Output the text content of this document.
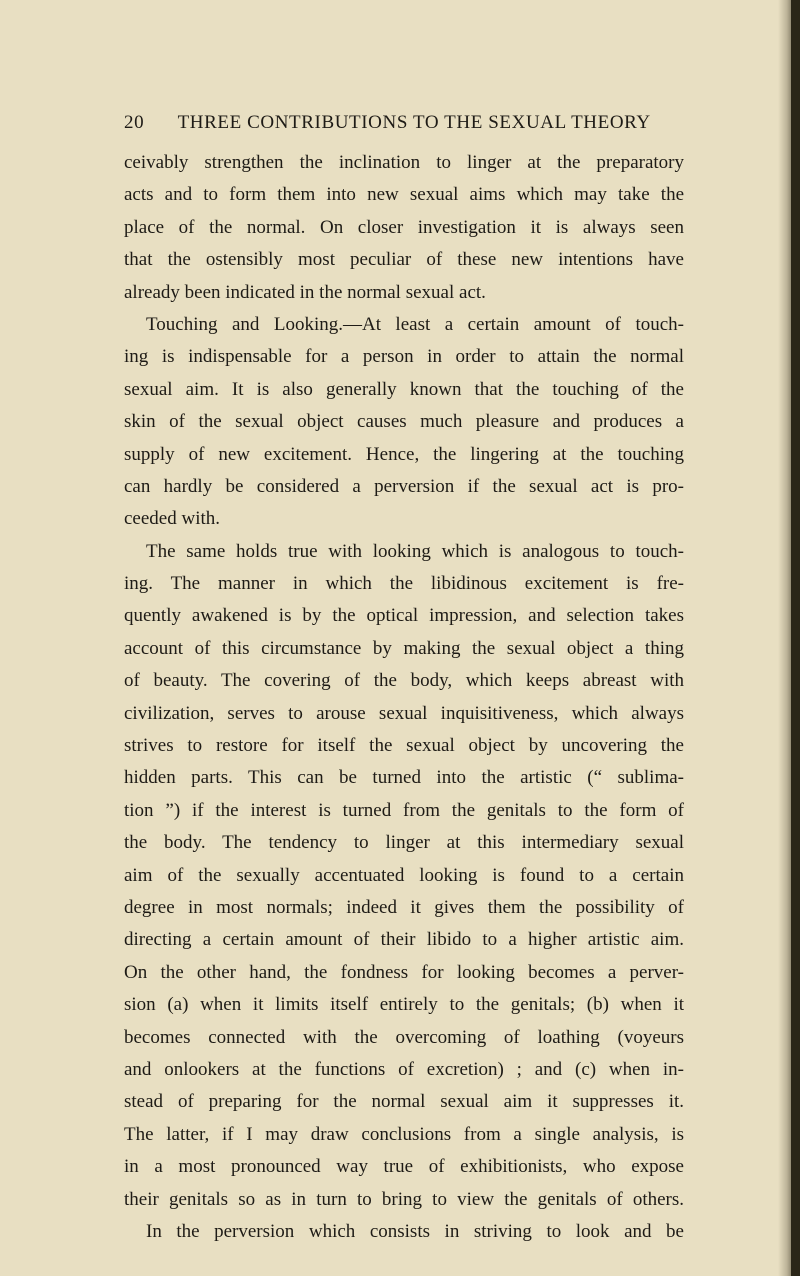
20 THREE CONTRIBUTIONS TO THE SEXUAL THEORY
ceivably strengthen the inclination to linger at the preparatory
acts and to form them into new sexual aims which may take the
place of the normal. On closer investigation it is always seen
that the ostensibly most peculiar of these new intentions have
already been indicated in the normal sexual act.
Touching and Looking.—At least a certain amount of touch-
ing is indispensable for a person in order to attain the normal
sexual aim. It is also generally known that the touching of the
skin of the sexual object causes much pleasure and produces a
supply of new excitement. Hence, the lingering at the touching
can hardly be considered a perversion if the sexual act is pro-
ceeded with.
The same holds true with looking which is analogous to touch-
ing. The manner in which the libidinous excitement is fre-
quently awakened is by the optical impression, and selection takes
account of this circumstance by making the sexual object a thing
of beauty. The covering of the body, which keeps abreast with
civilization, serves to arouse sexual inquisitiveness, which always
strives to restore for itself the sexual object by uncovering the
hidden parts. This can be turned into the artistic (“ sublima-
tion ”) if the interest is turned from the genitals to the form of
the body. The tendency to linger at this intermediary sexual
aim of the sexually accentuated looking is found to a certain
degree in most normals; indeed it gives them the possibility of
directing a certain amount of their libido to a higher artistic aim.
On the other hand, the fondness for looking becomes a perver-
sion (a) when it limits itself entirely to the genitals; (b) when it
becomes connected with the overcoming of loathing (voyeurs
and onlookers at the functions of excretion) ; and (c) when in-
stead of preparing for the normal sexual aim it suppresses it.
The latter, if I may draw conclusions from a single analysis, is
in a most pronounced way true of exhibitionists, who expose
their genitals so as in turn to bring to view the genitals of others.
In the perversion which consists in striving to look and be
